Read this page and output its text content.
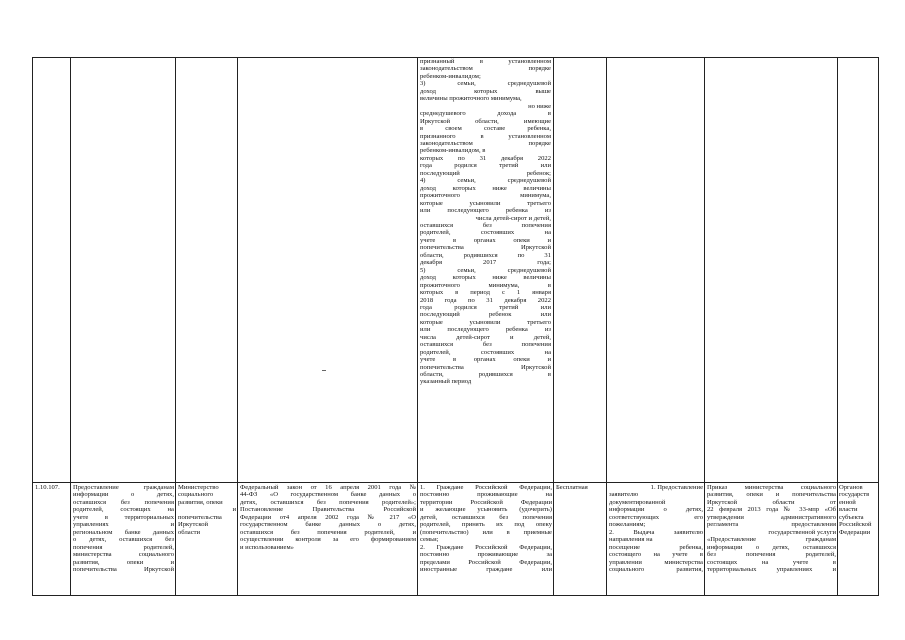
признанный в установленном
законодательством порядке
ребенком-инвалидом;
3) семьи, среднедушевой
доход которых выше
величины прожиточного минимума,
но ниже
среднедушевого дохода в
Иркутской области, имеющие
в своем составе ребенка,
признанного в установленном
законодательством порядке
ребенком-инвалидом, в
которых по 31 декабря 2022
года родился третий или
последующий ребенок;
4) семьи, среднедушевой
доход которых ниже величины
прожиточного минимума,
которые усыновили третьего
или последующего ребенка из
числа детей-сирот и детей,
оставшихся без попечения
родителей, состоявших на
учете в органах опеки и
попечительства Иркутской
области, родившихся по 31
декабря 2017 года;
5) семьи, среднедушевой
доход которых ниже величины
прожиточного минимума, в
которых в период с 1 января
2018 года по 31 декабря 2022
года родился третий или
последующий ребенок или
которые усыновили третьего
или последующего ребенка из
числа детей-сирот и детей,
оставшихся без попечения
родителей, состоявших на
учете в органах опеки и
попечительства Иркутской
области, родившихся в
указанный период
1.10.107.	Предоставление гражданам
информации о детях,
оставшихся без попечения
родителей, состоящих на
учете в территориальных
управлениях и
региональном банке данных
о детях, оставшихся без
попечения родителей,
министерства социального
развития, опеки и
попечительства Иркутской
Министерство
социального
развития, опеки
и
попечительства
Иркутской
области
Федеральный закон от 16 апреля 2001 года №
44-ФЗ «О государственном банке данных о
детях, оставшихся без попечения родителей»;
Постановление Правительства Российской
Федерации от4 апреля 2002 года № 217 «О
государственном банке данных о детях,
оставшихся без попечения родителей, и
осуществлении контроля за его формированием
и использованием»
1. Граждане Российской Федерации,
постоянно проживающие на
территории Российской Федерации
и желающие усыновить (удочерить)
детей, оставшихся без попечения
родителей, принять их под опеку
(попечительство) или в приемные
семьи;
2. Граждане Российской Федерации,
постоянно проживающие за
пределами Российской Федерации,
иностранные граждане или
Бесплатная	1. Предоставление
заявителю
документированной
информации о детях,
соответствующих его
пожеланиям;
2. Выдача заявителю
направления на
посещение ребенка,
состоящего на учете в
управлении министерства
социального развития,
Приказ министерства социального
развития, опеки и попечительства
Иркутской области от
22 февраля 2013 года № 33-мпр «Об
утверждении административного
регламента предоставления
государственной услуги
«Предоставление гражданам
информации о детях, оставшихся
без попечения родителей,
состоящих на учете в
территориальных управлениях и
Органов
государств
енной
власти
субъекта
Российской
Федерации
